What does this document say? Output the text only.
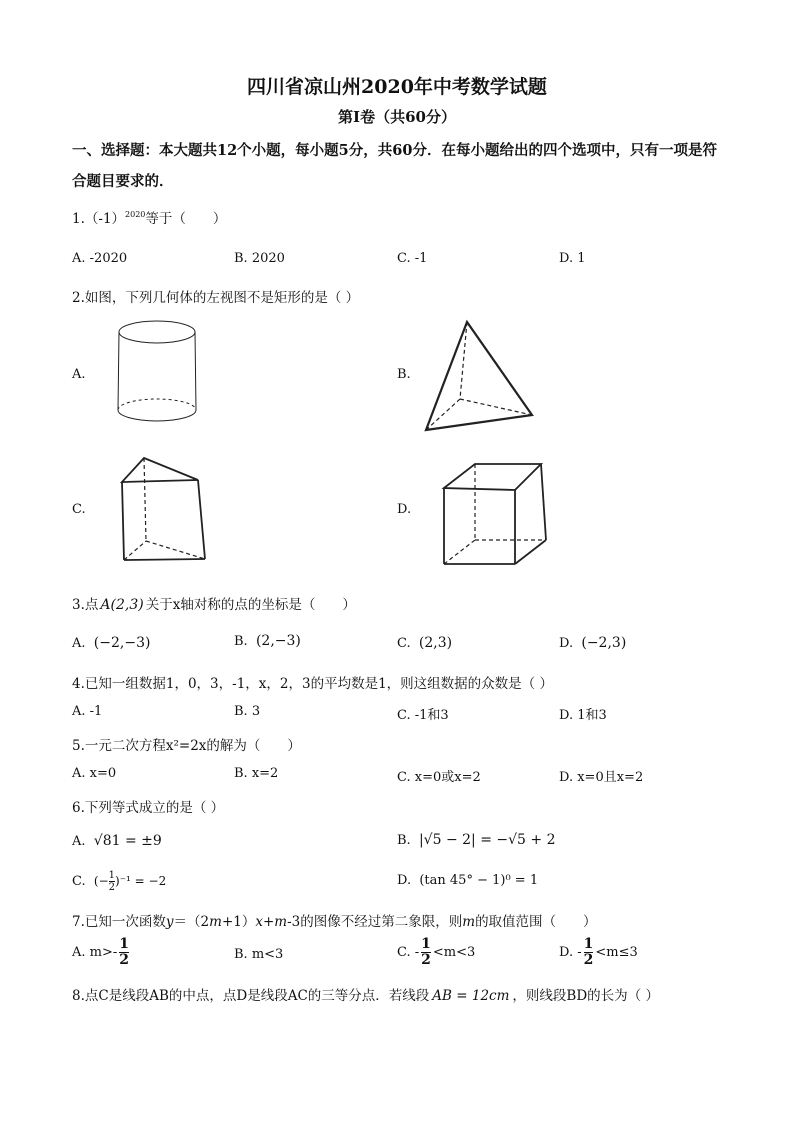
四川省凉山州2020年中考数学试题
第Ⅰ卷（共60分）
一、选择题：本大题共12个小题，每小题5分，共60分．在每小题给出的四个选项中，只有一项是符合题目要求的．
$1.(-1)^{2020}$等于（　　）
A. -2020	B. 2020	C. -1	D. 1
2.如图，下列几何体的左视图不是矩形的是（ ）
A.	B.
C.	D.
3.点 A(2,3) 关于x轴对称的点的坐标是（　　）
A. (−2,−3)	B. (2,−3)	C. (2,3)	D. (−2,3)
4.已知一组数据1，0，3，-1，x，2，3的平均数是1，则这组数据的众数是（ ）
A. -1	B. 3	C. -1和3	D. 1和3
5.一元二次方程x²=2x的解为（　　）
A. x=0	B. x=2	C. x=0或x=2	D. x=0且x=2
6.下列等式成立的是（ ）
A. √81 = ±9	B. |√5 − 2| = −√5 + 2
C. (− $\frac{1}{2} )^{-1} = -2$	D. (tan 45° − 1)⁰ = 1
7.已知一次函数y＝（2m+1）x+m-3的图像不经过第二象限，则m的取值范围（　　）
A. $m>- \frac{1}{2}$	B. m<3	C. - $\frac{1}{2} <m<3$	D. - $\frac{1}{2} <m\le 3$
8.点C是线段AB的中点，点D是线段AC的三等分点．若线段 AB = 12cm ，则线段BD的长为（ ）
